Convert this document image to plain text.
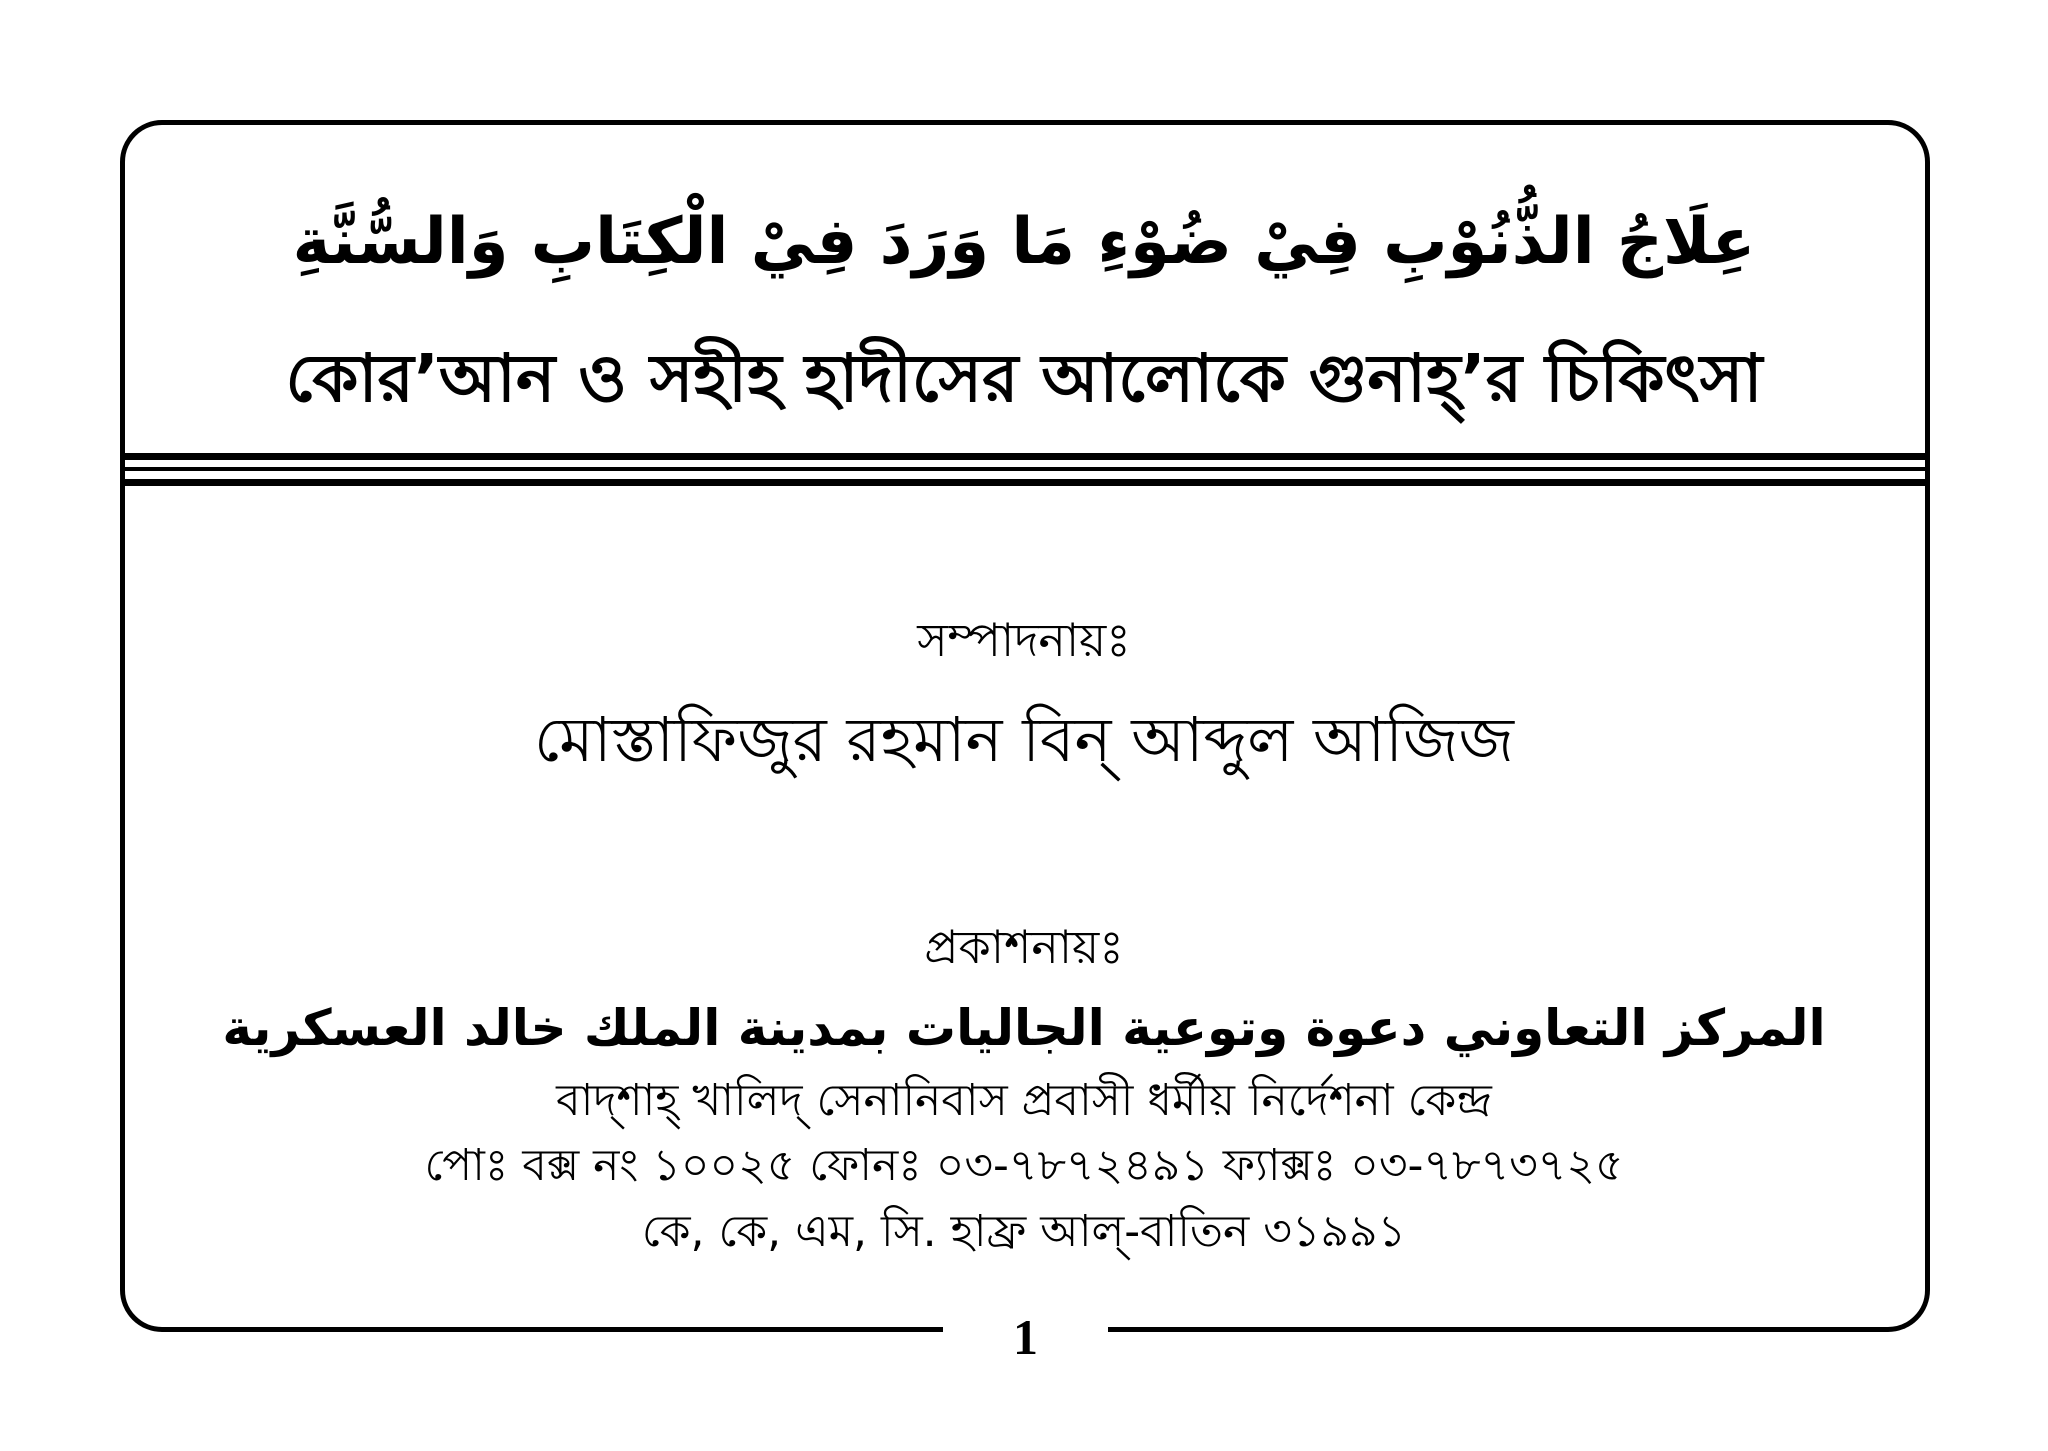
عِلَاجُ الذُّنُوْبِ فِيْ ضُوْءِ مَا وَرَدَ فِيْ الْكِتَابِ وَالسُّنَّةِ
কোর’আন ও সহীহ হাদীসের আলোকে গুনাহ্’র চিকিৎসা
সম্পাদনায়ঃ
মোস্তাফিজুর রহমান বিন্ আব্দুল আজিজ
প্রকাশনায়ঃ
المركز التعاوني دعوة وتوعية الجاليات بمدينة الملك خالد العسكرية
বাদ্শাহ্ খালিদ্ সেনানিবাস প্রবাসী ধর্মীয় নির্দেশনা কেন্দ্র
পোঃ বক্স নং ১০০২৫ ফোনঃ ০৩-৭৮৭২৪৯১ ফ্যাক্সঃ ০৩-৭৮৭৩৭২৫
কে, কে, এম, সি. হাফ্র আল্-বাতিন ৩১৯৯১
1
